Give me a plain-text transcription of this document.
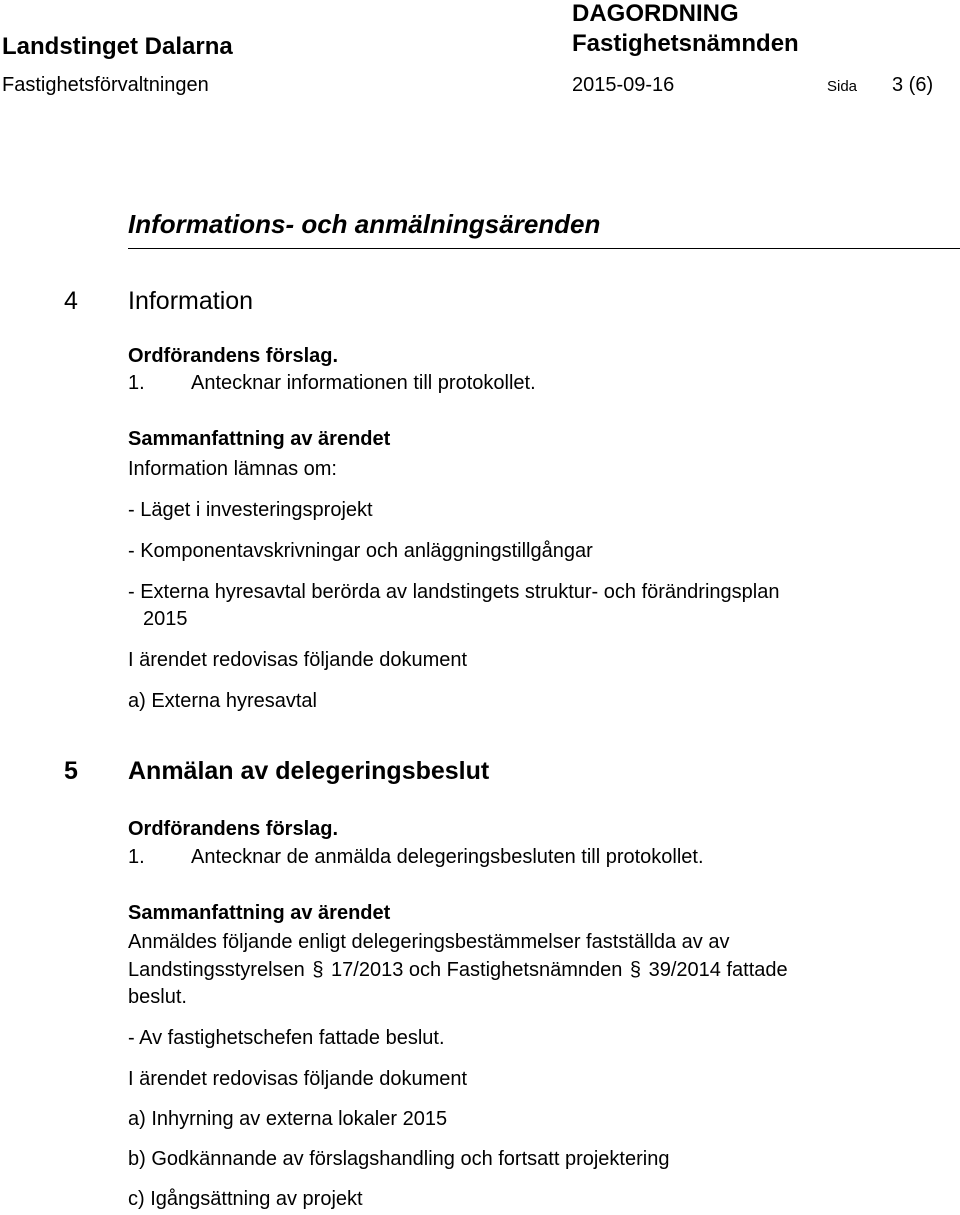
Landstinget Dalarna
Fastighetsförvaltningen
DAGORDNING
Fastighetsnämnden
2015-09-16	Sida 3 (6)
Informations- och anmälningsärenden
4 Information
Ordförandens förslag.
1. Antecknar informationen till protokollet.
Sammanfattning av ärendet
Information lämnas om:
- Läget i investeringsprojekt
- Komponentavskrivningar och anläggningstillgångar
- Externa hyresavtal berörda av landstingets struktur- och förändringsplan
2015
I ärendet redovisas följande dokument
a) Externa hyresavtal
5 Anmälan av delegeringsbeslut
Ordförandens förslag.
1. Antecknar de anmälda delegeringsbesluten till protokollet.
Sammanfattning av ärendet
Anmäldes följande enligt delegeringsbestämmelser fastställda av av
Landstingsstyrelsen § 17/2013 och Fastighetsnämnden § 39/2014 fattade
beslut.
- Av fastighetschefen fattade beslut.
I ärendet redovisas följande dokument
a) Inhyrning av externa lokaler 2015
b) Godkännande av förslagshandling och fortsatt projektering
c) Igångsättning av projekt
